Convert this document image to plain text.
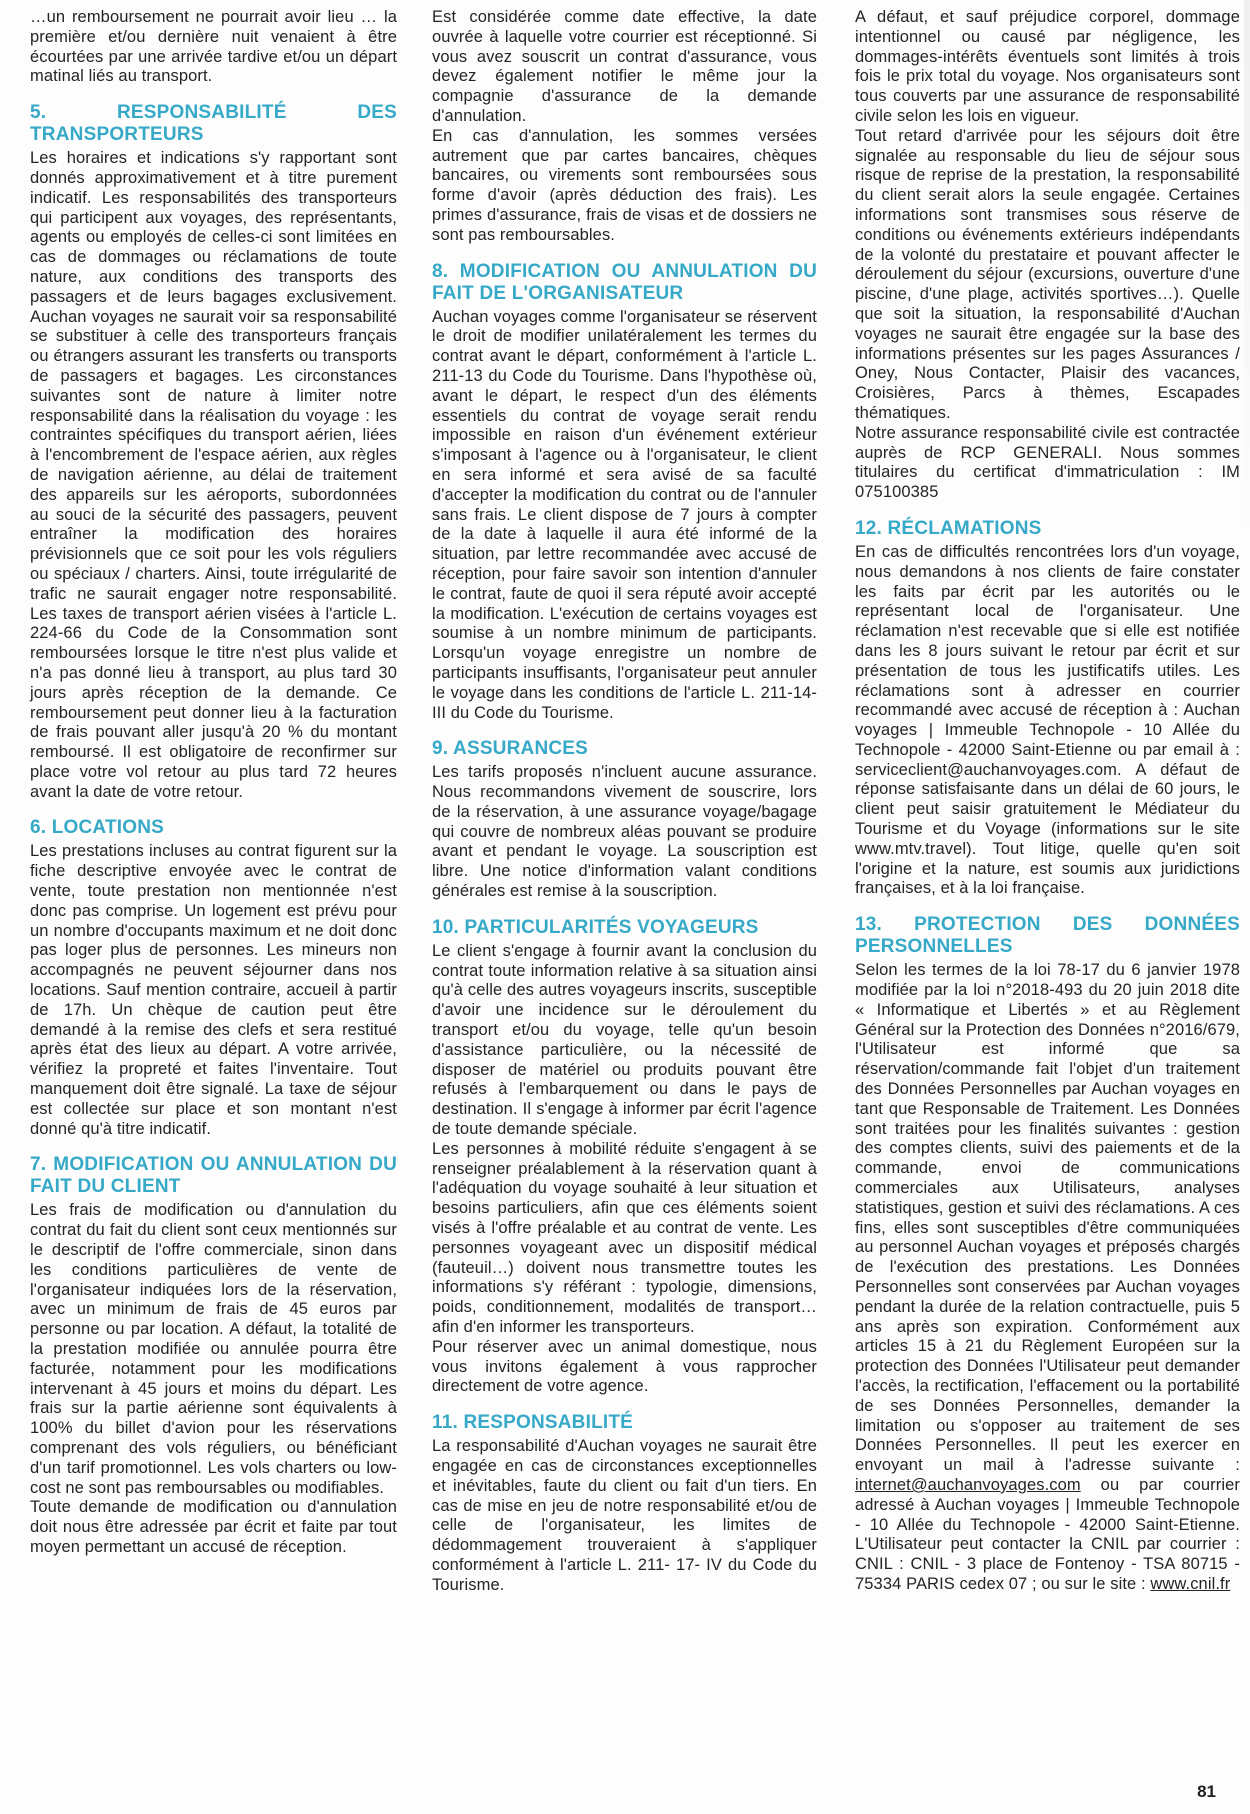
…un remboursement ne pourrait avoir lieu … la première et/ou dernière nuit venaient à être écourtées par une arrivée tardive et/ou un départ matinal liés au transport.

5. RESPONSABILITÉ DES TRANSPORTEURS

Les horaires et indications s'y rapportant sont donnés approximativement et à titre purement indicatif. Les responsabilités des transporteurs qui participent aux voyages, des représentants, agents ou employés de celles-ci sont limitées en cas de dommages ou réclamations de toute nature, aux conditions des transports des passagers et de leurs bagages exclusivement. Auchan voyages ne saurait voir sa responsabilité se substituer à celle des transporteurs français ou étrangers assurant les transferts ou transports de passagers et bagages. Les circonstances suivantes sont de nature à limiter notre responsabilité dans la réalisation du voyage : les contraintes spécifiques du transport aérien, liées à l'encombrement de l'espace aérien, aux règles de navigation aérienne, au délai de traitement des appareils sur les aéroports, subordonnées au souci de la sécurité des passagers, peuvent entraîner la modification des horaires prévisionnels que ce soit pour les vols réguliers ou spéciaux / charters. Ainsi, toute irrégularité de trafic ne saurait engager notre responsabilité. Les taxes de transport aérien visées à l'article L. 224-66 du Code de la Consommation sont remboursées lorsque le titre n'est plus valide et n'a pas donné lieu à transport, au plus tard 30 jours après réception de la demande. Ce remboursement peut donner lieu à la facturation de frais pouvant aller jusqu'à 20 % du montant remboursé. Il est obligatoire de reconfirmer sur place votre vol retour au plus tard 72 heures avant la date de votre retour.

6. LOCATIONS

Les prestations incluses au contrat figurent sur la fiche descriptive envoyée avec le contrat de vente, toute prestation non mentionnée n'est donc pas comprise. Un logement est prévu pour un nombre d'occupants maximum et ne doit donc pas loger plus de personnes. Les mineurs non accompagnés ne peuvent séjourner dans nos locations. Sauf mention contraire, accueil à partir de 17h. Un chèque de caution peut être demandé à la remise des clefs et sera restitué après état des lieux au départ. A votre arrivée, vérifiez la propreté et faites l'inventaire. Tout manquement doit être signalé. La taxe de séjour est collectée sur place et son montant n'est donné qu'à titre indicatif.

7. MODIFICATION OU ANNULATION DU FAIT DU CLIENT

Les frais de modification ou d'annulation du contrat du fait du client sont ceux mentionnés sur le descriptif de l'offre commerciale, sinon dans les conditions particulières de vente de l'organisateur indiquées lors de la réservation, avec un minimum de frais de 45 euros par personne ou par location. A défaut, la totalité de la prestation modifiée ou annulée pourra être facturée, notamment pour les modifications intervenant à 45 jours et moins du départ. Les frais sur la partie aérienne sont équivalents à 100% du billet d'avion pour les réservations comprenant des vols réguliers, ou bénéficiant d'un tarif promotionnel. Les vols charters ou low-cost ne sont pas remboursables ou modifiables.

Toute demande de modification ou d'annulation doit nous être adressée par écrit et faite par tout moyen permettant un accusé de réception.

Est considérée comme date effective, la date ouvrée à laquelle votre courrier est réceptionné. Si vous avez souscrit un contrat d'assurance, vous devez également notifier le même jour la compagnie d'assurance de la demande d'annulation.

En cas d'annulation, les sommes versées autrement que par cartes bancaires, chèques bancaires, ou virements sont remboursées sous forme d'avoir (après déduction des frais). Les primes d'assurance, frais de visas et de dossiers ne sont pas remboursables.

8. MODIFICATION OU ANNULATION DU FAIT DE L'ORGANISATEUR

Auchan voyages comme l'organisateur se réservent le droit de modifier unilatéralement les termes du contrat avant le départ, conformément à l'article L. 211-13 du Code du Tourisme. Dans l'hypothèse où, avant le départ, le respect d'un des éléments essentiels du contrat de voyage serait rendu impossible en raison d'un événement extérieur s'imposant à l'agence ou à l'organisateur, le client en sera informé et sera avisé de sa faculté d'accepter la modification du contrat ou de l'annuler sans frais. Le client dispose de 7 jours à compter de la date à laquelle il aura été informé de la situation, par lettre recommandée avec accusé de réception, pour faire savoir son intention d'annuler le contrat, faute de quoi il sera réputé avoir accepté la modification. L'exécution de certains voyages est soumise à un nombre minimum de participants. Lorsqu'un voyage enregistre un nombre de participants insuffisants, l'organisateur peut annuler le voyage dans les conditions de l'article L. 211-14-III du Code du Tourisme.

9. ASSURANCES

Les tarifs proposés n'incluent aucune assurance. Nous recommandons vivement de souscrire, lors de la réservation, à une assurance voyage/bagage qui couvre de nombreux aléas pouvant se produire avant et pendant le voyage. La souscription est libre. Une notice d'information valant conditions générales est remise à la souscription.

10. PARTICULARITÉS VOYAGEURS

Le client s'engage à fournir avant la conclusion du contrat toute information relative à sa situation ainsi qu'à celle des autres voyageurs inscrits, susceptible d'avoir une incidence sur le déroulement du transport et/ou du voyage, telle qu'un besoin d'assistance particulière, ou la nécessité de disposer de matériel ou produits pouvant être refusés à l'embarquement ou dans le pays de destination. Il s'engage à informer par écrit l'agence de toute demande spéciale.

Les personnes à mobilité réduite s'engagent à se renseigner préalablement à la réservation quant à l'adéquation du voyage souhaité à leur situation et besoins particuliers, afin que ces éléments soient visés à l'offre préalable et au contrat de vente. Les personnes voyageant avec un dispositif médical (fauteuil…) doivent nous transmettre toutes les informations s'y référant : typologie, dimensions, poids, conditionnement, modalités de transport… afin d'en informer les transporteurs.

Pour réserver avec un animal domestique, nous vous invitons également à vous rapprocher directement de votre agence.

11. RESPONSABILITÉ

La responsabilité d'Auchan voyages ne saurait être engagée en cas de circonstances exceptionnelles et inévitables, faute du client ou fait d'un tiers. En cas de mise en jeu de notre responsabilité et/ou de celle de l'organisateur, les limites de dédommagement trouveraient à s'appliquer conformément à l'article L. 211- 17- IV du Code du Tourisme.

A défaut, et sauf préjudice corporel, dommage intentionnel ou causé par négligence, les dommages-intérêts éventuels sont limités à trois fois le prix total du voyage. Nos organisateurs sont tous couverts par une assurance de responsabilité civile selon les lois en vigueur.

Tout retard d'arrivée pour les séjours doit être signalée au responsable du lieu de séjour sous risque de reprise de la prestation, la responsabilité du client serait alors la seule engagée. Certaines informations sont transmises sous réserve de conditions ou événements extérieurs indépendants de la volonté du prestataire et pouvant affecter le déroulement du séjour (excursions, ouverture d'une piscine, d'une plage, activités sportives…). Quelle que soit la situation, la responsabilité d'Auchan voyages ne saurait être engagée sur la base des informations présentes sur les pages Assurances / Oney, Nous Contacter, Plaisir des vacances, Croisières, Parcs à thèmes, Escapades thématiques.

Notre assurance responsabilité civile est contractée auprès de RCP GENERALI. Nous sommes titulaires du certificat d'immatriculation : IM 075100385

12. RÉCLAMATIONS

En cas de difficultés rencontrées lors d'un voyage, nous demandons à nos clients de faire constater les faits par écrit par les autorités ou le représentant local de l'organisateur. Une réclamation n'est recevable que si elle est notifiée dans les 8 jours suivant le retour par écrit et sur présentation de tous les justificatifs utiles. Les réclamations sont à adresser en courrier recommandé avec accusé de réception à : Auchan voyages | Immeuble Technopole - 10 Allée du Technopole - 42000 Saint-Etienne ou par email à : serviceclient@auchanvoyages.com. A défaut de réponse satisfaisante dans un délai de 60 jours, le client peut saisir gratuitement le Médiateur du Tourisme et du Voyage (informations sur le site www.mtv.travel). Tout litige, quelle qu'en soit l'origine et la nature, est soumis aux juridictions françaises, et à la loi française.

13. PROTECTION DES DONNÉES PERSONNELLES

Selon les termes de la loi 78-17 du 6 janvier 1978 modifiée par la loi n°2018-493 du 20 juin 2018 dite « Informatique et Libertés » et au Règlement Général sur la Protection des Données n°2016/679, l'Utilisateur est informé que sa réservation/commande fait l'objet d'un traitement des Données Personnelles par Auchan voyages en tant que Responsable de Traitement. Les Données sont traitées pour les finalités suivantes : gestion des comptes clients, suivi des paiements et de la commande, envoi de communications commerciales aux Utilisateurs, analyses statistiques, gestion et suivi des réclamations. A ces fins, elles sont susceptibles d'être communiquées au personnel Auchan voyages et préposés chargés de l'exécution des prestations. Les Données Personnelles sont conservées par Auchan voyages pendant la durée de la relation contractuelle, puis 5 ans après son expiration. Conformément aux articles 15 à 21 du Règlement Européen sur la protection des Données l'Utilisateur peut demander l'accès, la rectification, l'effacement ou la portabilité de ses Données Personnelles, demander la limitation ou s'opposer au traitement de ses Données Personnelles. Il peut les exercer en envoyant un mail à l'adresse suivante : internet@auchanvoyages.com ou par courrier adressé à Auchan voyages | Immeuble Technopole - 10 Allée du Technopole - 42000 Saint-Etienne. L'Utilisateur peut contacter la CNIL par courrier : CNIL : CNIL - 3 place de Fontenoy - TSA 80715 - 75334 PARIS cedex 07 ; ou sur le site : www.cnil.fr

81
